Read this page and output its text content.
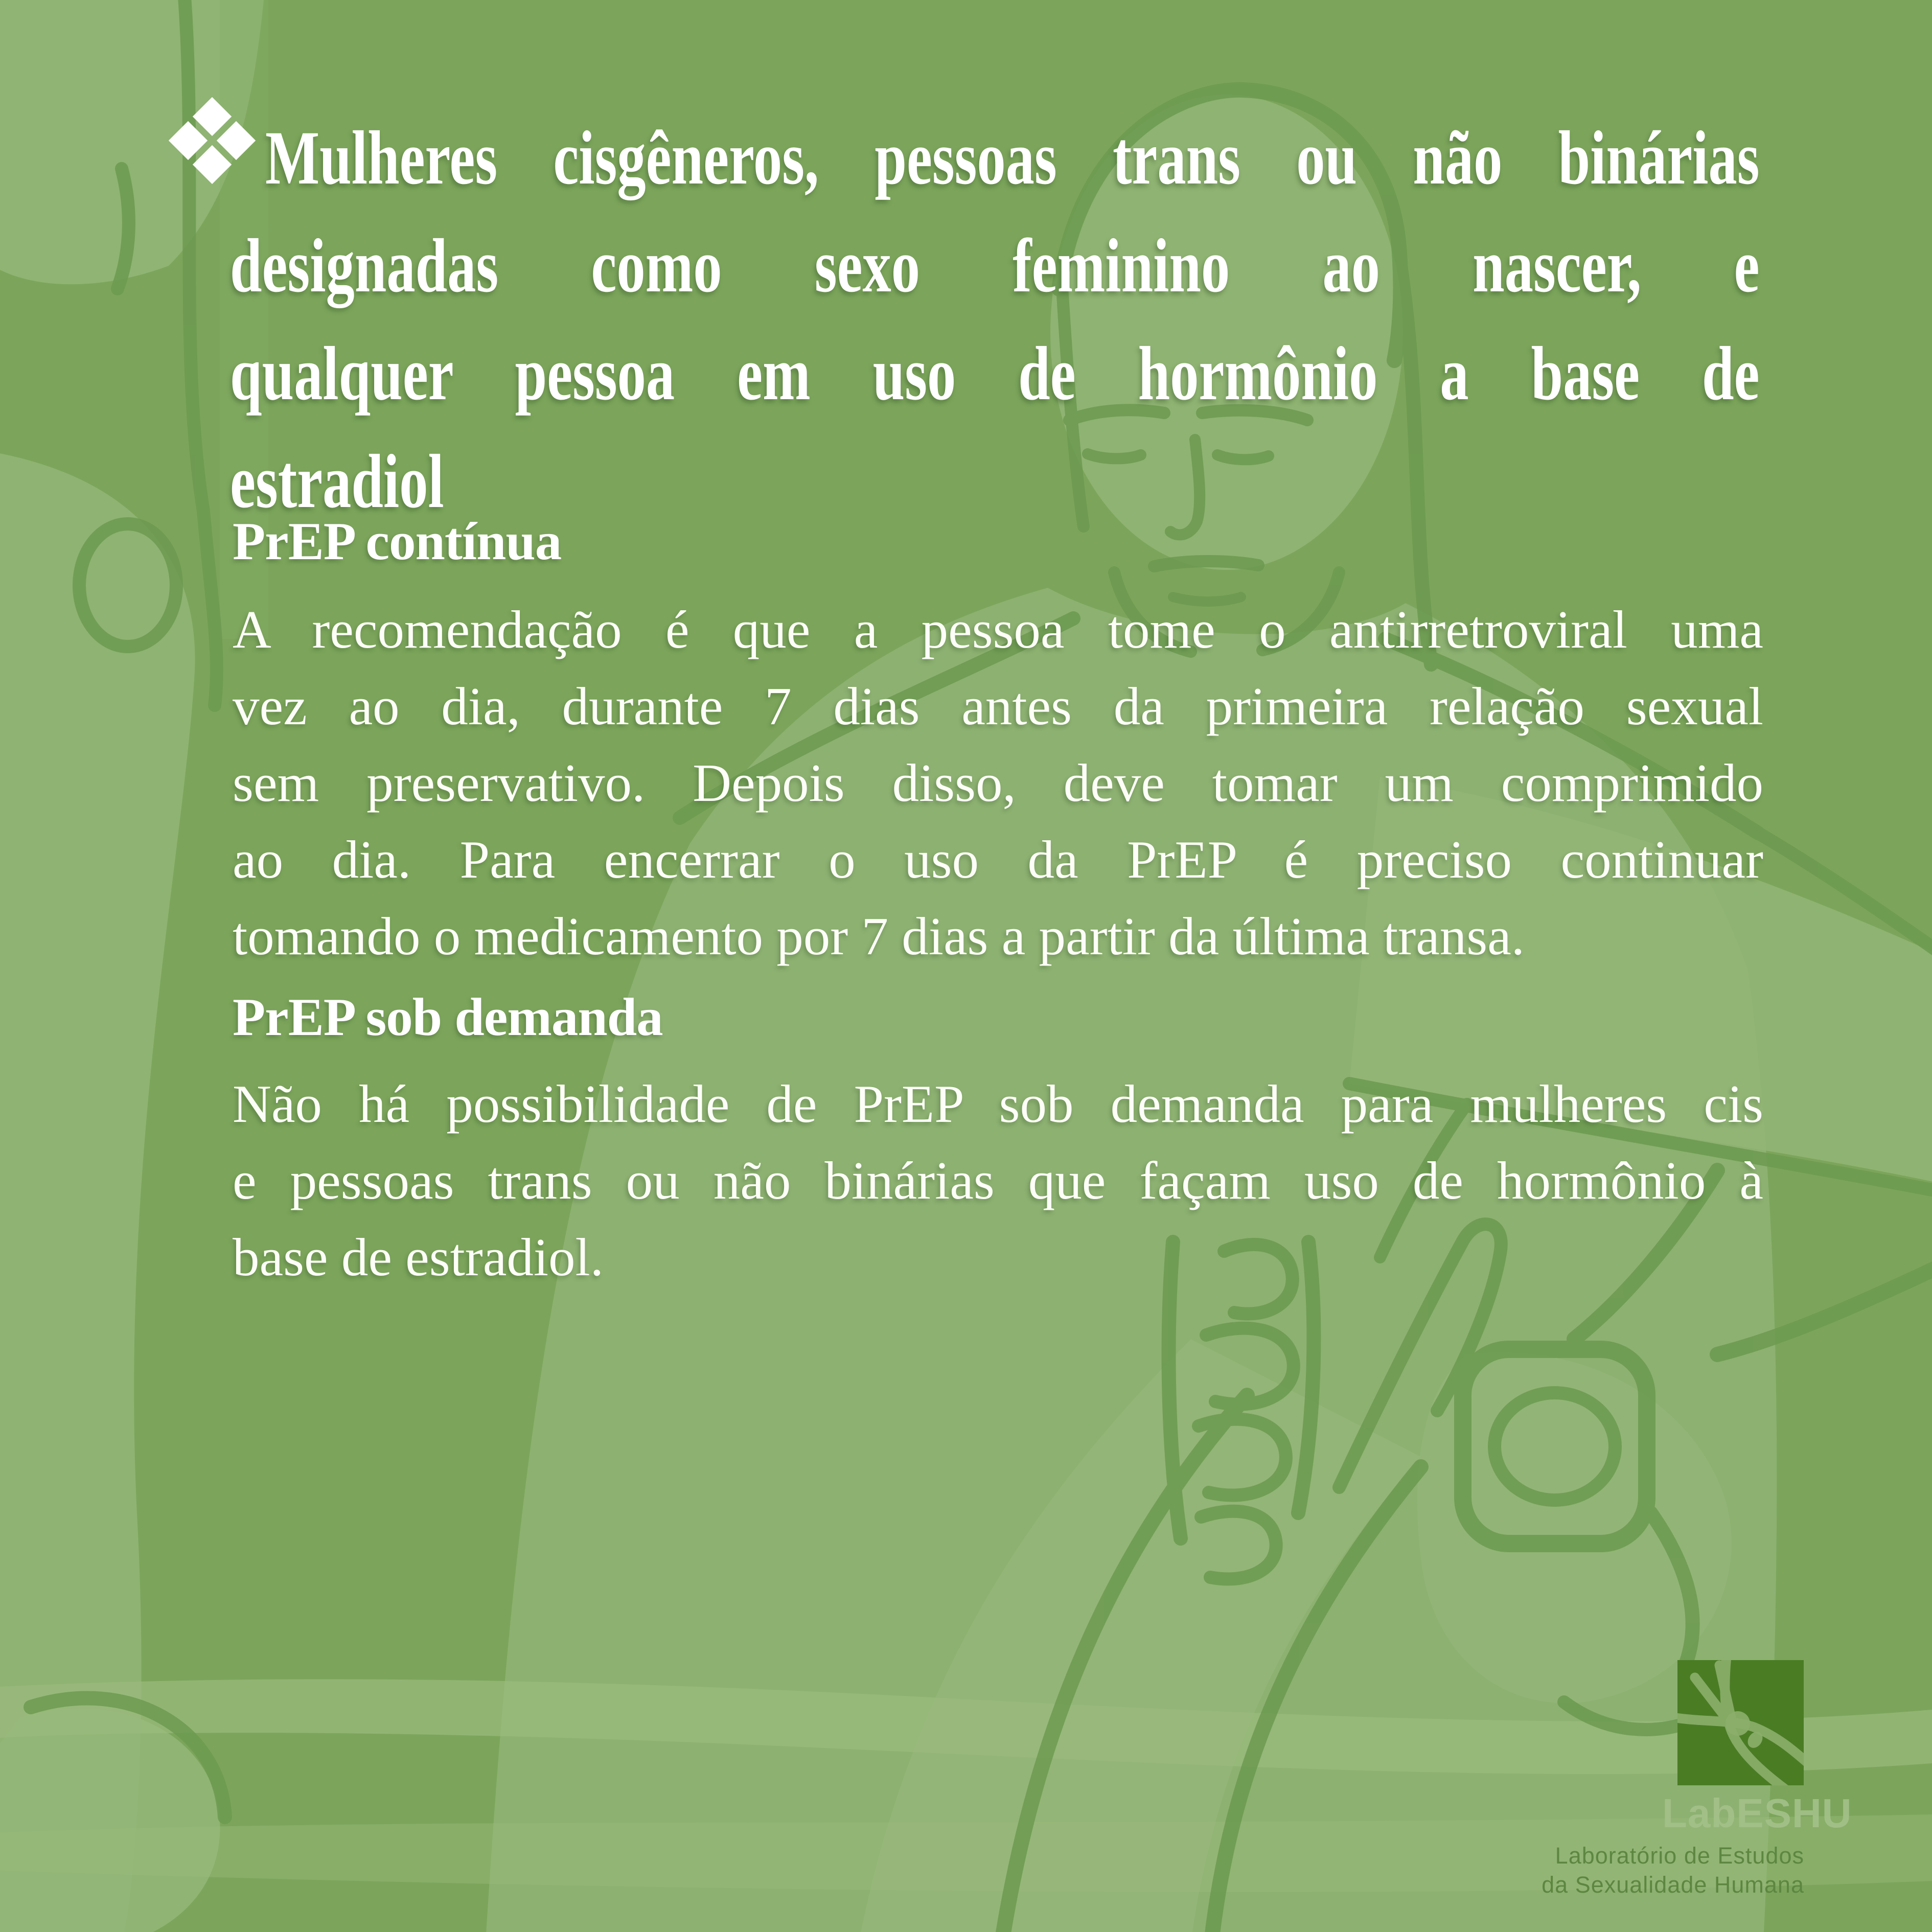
Mulheres cisgêneros, pessoas trans ou não binárias
designadas como sexo feminino ao nascer, e
qualquer pessoa em uso de hormônio a base de
estradiol
PrEP contínua
A recomendação é que a pessoa tome o antirretroviral uma
vez ao dia, durante 7 dias antes da primeira relação sexual
sem preservativo. Depois disso, deve tomar um comprimido
ao dia. Para encerrar o uso da PrEP é preciso continuar
tomando o medicamento por 7 dias a partir da última transa.
PrEP sob demanda
Não há possibilidade de PrEP sob demanda para mulheres cis
e pessoas trans ou não binárias que façam uso de hormônio à
base de estradiol.
LabESHU
Laboratório de Estudos
da Sexualidade Humana
